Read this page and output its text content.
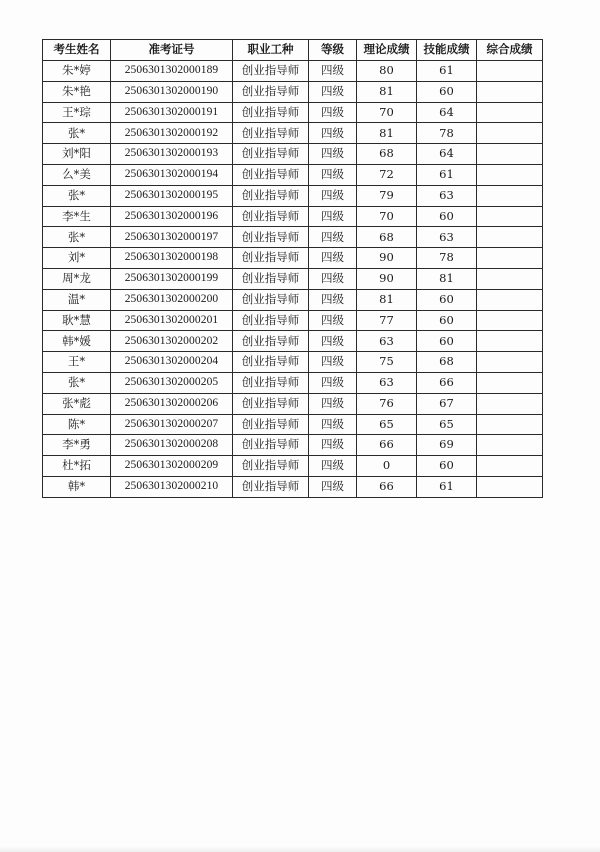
考生姓名	准考证号	职业工种	等级	理论成绩	技能成绩	综合成绩
朱*婷	2506301302000189	创业指导师	四级	80	61	
朱*艳	2506301302000190	创业指导师	四级	81	60	
王*琮	2506301302000191	创业指导师	四级	70	64	
张*	2506301302000192	创业指导师	四级	81	78	
刘*阳	2506301302000193	创业指导师	四级	68	64	
么*美	2506301302000194	创业指导师	四级	72	61	
张*	2506301302000195	创业指导师	四级	79	63	
李*生	2506301302000196	创业指导师	四级	70	60	
张*	2506301302000197	创业指导师	四级	68	63	
刘*	2506301302000198	创业指导师	四级	90	78	
周*龙	2506301302000199	创业指导师	四级	90	81	
温*	2506301302000200	创业指导师	四级	81	60	
耿*慧	2506301302000201	创业指导师	四级	77	60	
韩*媛	2506301302000202	创业指导师	四级	63	60	
王*	2506301302000204	创业指导师	四级	75	68	
张*	2506301302000205	创业指导师	四级	63	66	
张*彪	2506301302000206	创业指导师	四级	76	67	
陈*	2506301302000207	创业指导师	四级	65	65	
李*勇	2506301302000208	创业指导师	四级	66	69	
杜*拓	2506301302000209	创业指导师	四级	0	60	
韩*	2506301302000210	创业指导师	四级	66	61	
